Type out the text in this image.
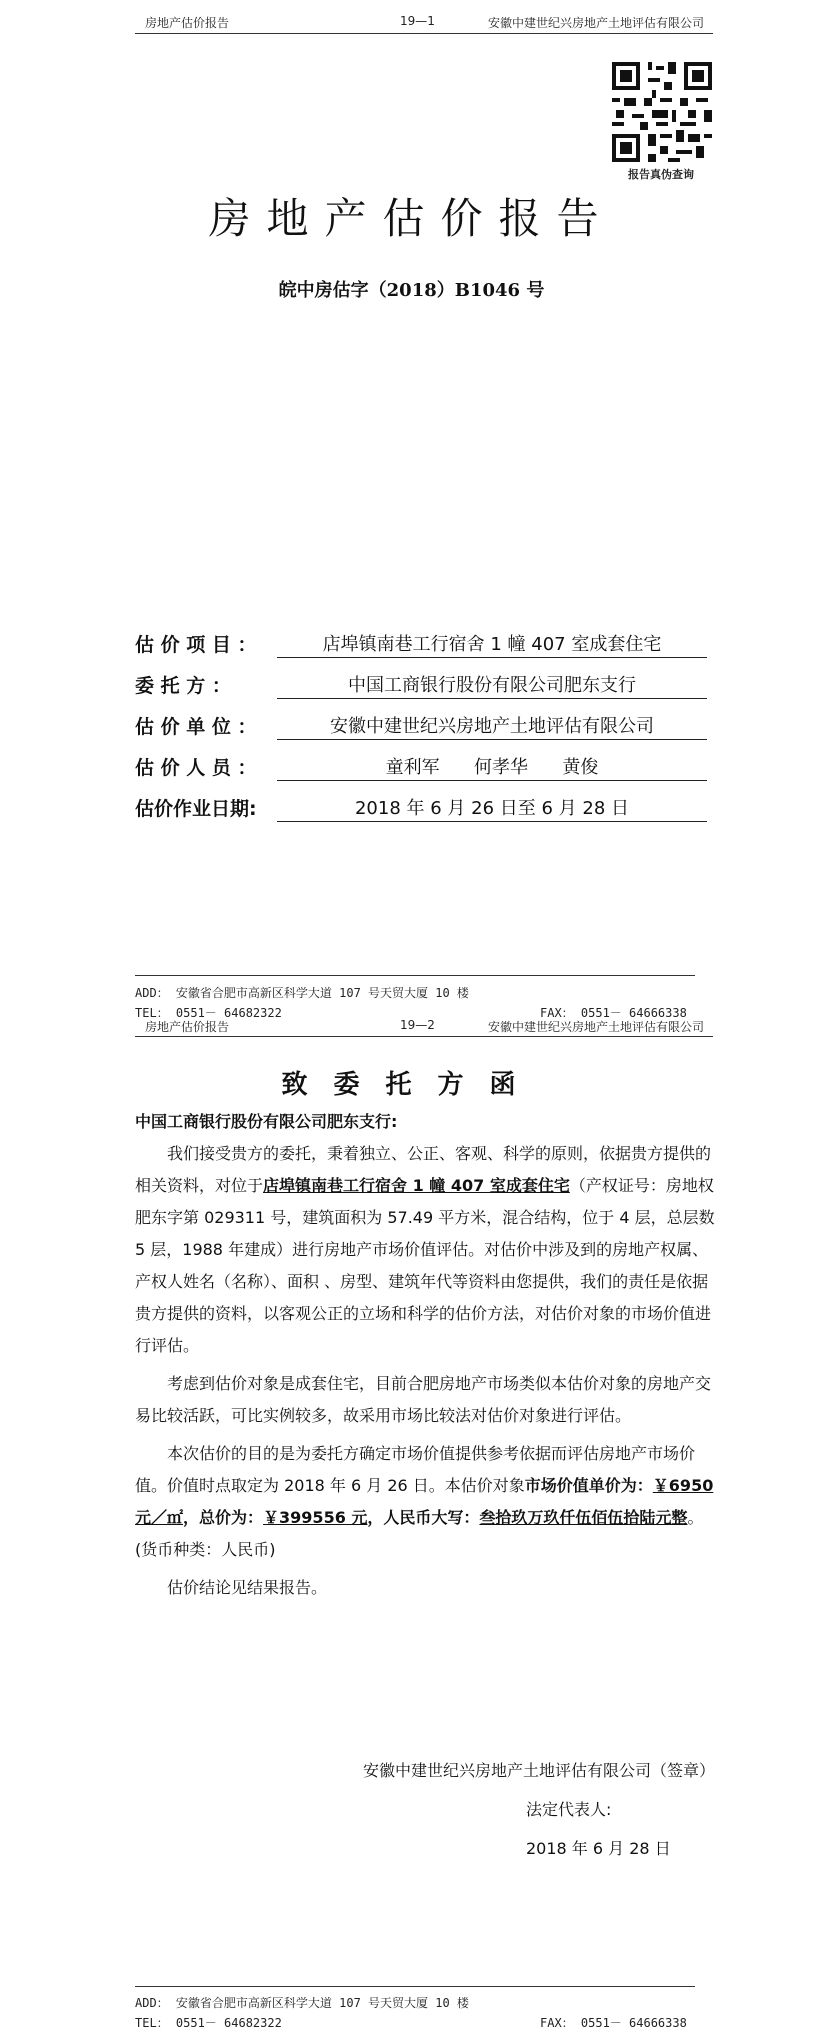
房地产估价报告	19—1	安徽中建世纪兴房地产土地评估有限公司
报告真伪查询
房地产估价报告
皖中房估字（2018）B1046 号
估 价 项 目 ：	店埠镇南巷工行宿舍 1 幢 407 室成套住宅
委 托 方 ：	中国工商银行股份有限公司肥东支行
估 价 单 位 ：	安徽中建世纪兴房地产土地评估有限公司
估 价 人 员 ：	童利军      何孝华      黄俊
估价作业日期:	2018 年 6 月 26 日至 6 月 28 日
ADD： 安徽省合肥市高新区科学大道 107 号天贸大厦 10 楼
TEL： 0551－ 64682322	FAX： 0551－ 64666338
房地产估价报告	19—2	安徽中建世纪兴房地产土地评估有限公司
致委托方函

中国工商银行股份有限公司肥东支行:

我们接受贵方的委托，秉着独立、公正、客观、科学的原则，依据贵方提供的相关资料，对位于店埠镇南巷工行宿舍 1 幢 407 室成套住宅（产权证号：房地权肥东字第 029311 号，建筑面积为 57.49 平方米，混合结构，位于 4 层，总层数 5 层，1988 年建成）进行房地产市场价值评估。对估价中涉及到的房地产权属、产权人姓名（名称）、面积 、房型、建筑年代等资料由您提供，我们的责任是依据贵方提供的资料，以客观公正的立场和科学的估价方法，对估价对象的市场价值进行评估。

考虑到估价对象是成套住宅，目前合肥房地产市场类似本估价对象的房地产交易比较活跃，可比实例较多，故采用市场比较法对估价对象进行评估。

本次估价的目的是为委托方确定市场价值提供参考依据而评估房地产市场价值。价值时点取定为 2018 年 6 月 26 日。本估价对象市场价值单价为：￥6950 元／㎡，总价为：￥399556 元，人民币大写：叁拾玖万玖仟伍佰伍拾陆元整。(货币种类：人民币)

估价结论见结果报告。

安徽中建世纪兴房地产土地评估有限公司（签章）
法定代表人:
2018 年 6 月 28 日
ADD： 安徽省合肥市高新区科学大道 107 号天贸大厦 10 楼
TEL： 0551－ 64682322	FAX： 0551－ 64666338
